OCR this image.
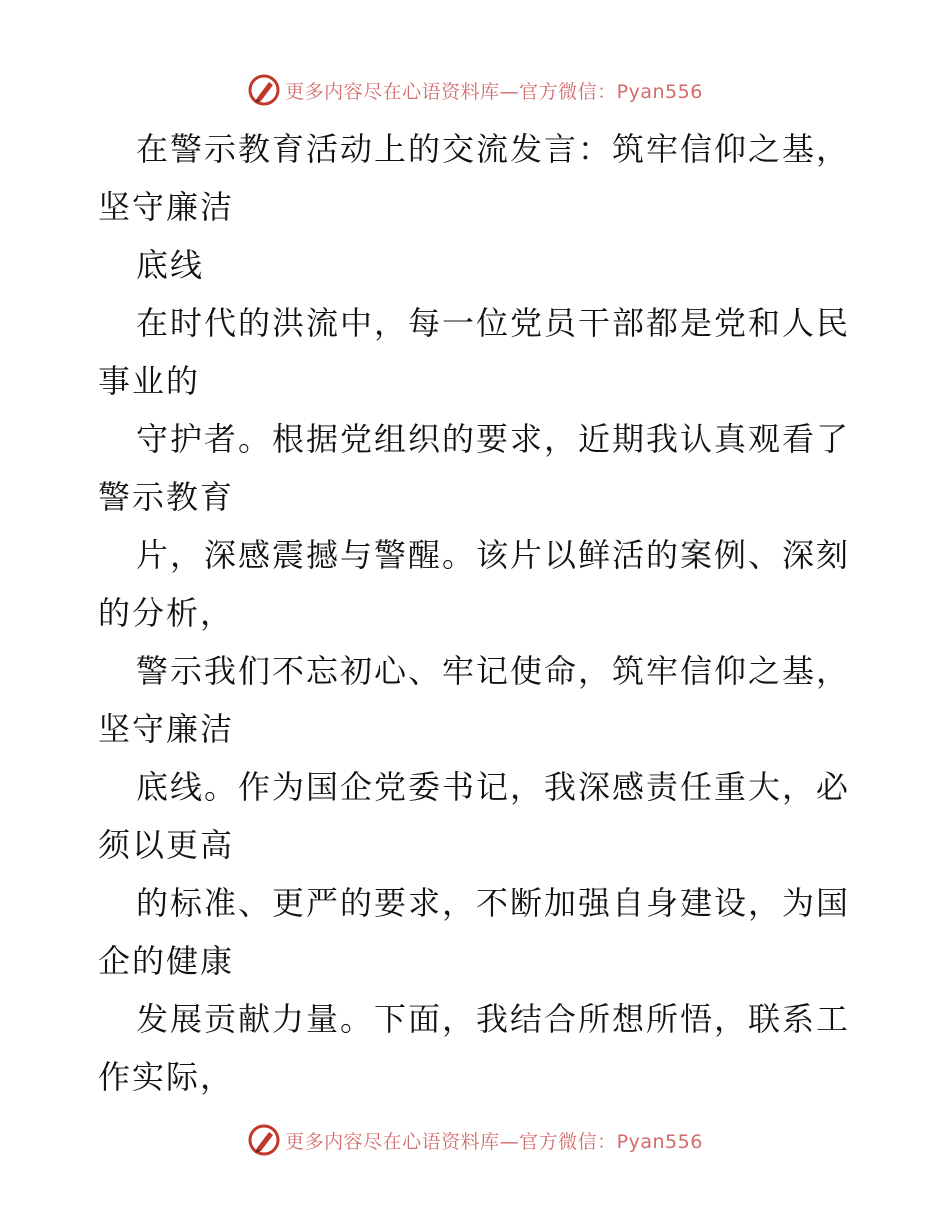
更多内容尽在心语资料库—官方微信：Pyan556
在警示教育活动上的交流发言：筑牢信仰之基，
坚守廉洁
底线
在时代的洪流中，每一位党员干部都是党和人民
事业的
守护者。根据党组织的要求，近期我认真观看了
警示教育
片，深感震撼与警醒。该片以鲜活的案例、深刻
的分析，
警示我们不忘初心、牢记使命，筑牢信仰之基，
坚守廉洁
底线。作为国企党委书记，我深感责任重大，必
须以更高
的标准、更严的要求，不断加强自身建设，为国
企的健康
发展贡献力量。下面，我结合所想所悟，联系工
作实际，
更多内容尽在心语资料库—官方微信：Pyan556
